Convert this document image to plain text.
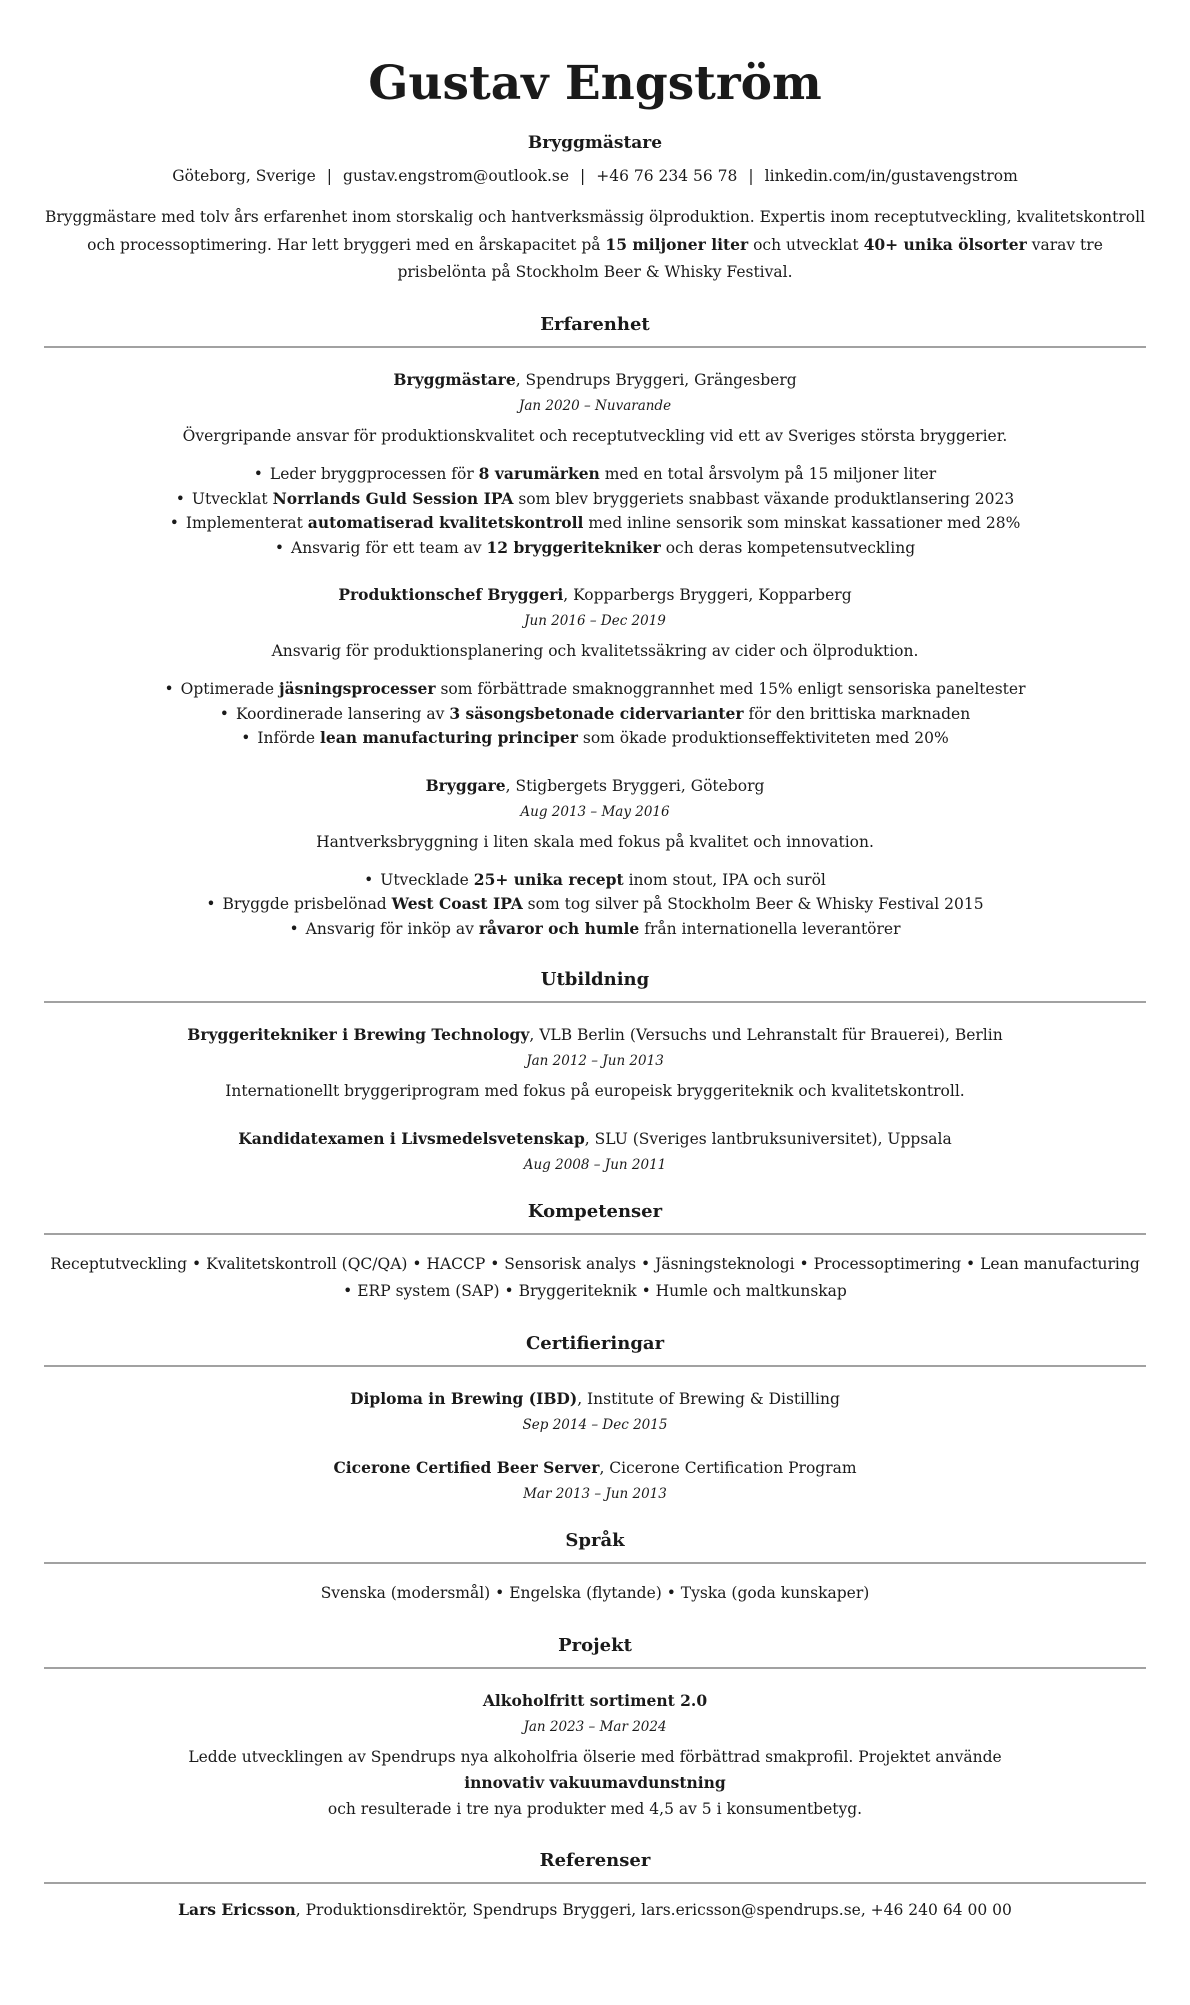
Gustav Engström
Bryggmästare
Göteborg, Sverige | gustav.engstrom@outlook.se | +46 76 234 56 78 | linkedin.com/in/gustavengstrom

Bryggmästare med tolv års erfarenhet inom storskalig och hantverksmässig ölproduktion. Expertis inom receptutveckling, kvalitetskontroll och processoptimering. Har lett bryggeri med en årskapacitet på 15 miljoner liter och utvecklat 40+ unika ölsorter varav tre prisbelönta på Stockholm Beer & Whisky Festival.

Erfarenhet
Bryggmästare, Spendrups Bryggeri, Grängesberg
Jan 2020 – Nuvarande
Övergripande ansvar för produktionskvalitet och receptutveckling vid ett av Sveriges största bryggerier.
• Leder bryggprocessen för 8 varumärken med en total årsvolym på 15 miljoner liter
• Utvecklat Norrlands Guld Session IPA som blev bryggeriets snabbast växande produktlansering 2023
• Implementerat automatiserad kvalitetskontroll med inline sensorik som minskat kassationer med 28%
• Ansvarig för ett team av 12 bryggeritekniker och deras kompetensutveckling
Produktionschef Bryggeri, Kopparbergs Bryggeri, Kopparberg
Jun 2016 – Dec 2019
Ansvarig för produktionsplanering och kvalitetssäkring av cider och ölproduktion.
• Optimerade jäsningsprocesser som förbättrade smaknoggrannhet med 15% enligt sensoriska paneltester
• Koordinerade lansering av 3 säsongsbetonade cidervarianter för den brittiska marknaden
• Införde lean manufacturing principer som ökade produktionseffektiviteten med 20%
Bryggare, Stigbergets Bryggeri, Göteborg
Aug 2013 – May 2016
Hantverksbryggning i liten skala med fokus på kvalitet och innovation.
• Utvecklade 25+ unika recept inom stout, IPA och suröl
• Bryggde prisbelönad West Coast IPA som tog silver på Stockholm Beer & Whisky Festival 2015
• Ansvarig för inköp av råvaror och humle från internationella leverantörer
Utbildning
Bryggeritekniker i Brewing Technology, VLB Berlin (Versuchs und Lehranstalt für Brauerei), Berlin
Jan 2012 – Jun 2013
Internationellt bryggeriprogram med fokus på europeisk bryggeriteknik och kvalitetskontroll.
Kandidatexamen i Livsmedelsvetenskap, SLU (Sveriges lantbruksuniversitet), Uppsala
Aug 2008 – Jun 2011
Kompetenser

Receptutveckling • Kvalitetskontroll (QC/QA) • HACCP • Sensorisk analys • Jäsningsteknologi • Processoptimering • Lean manufacturing • ERP system (SAP) • Bryggeriteknik • Humle och maltkunskap

Certifieringar
Diploma in Brewing (IBD), Institute of Brewing & Distilling
Sep 2014 – Dec 2015
Cicerone Certified Beer Server, Cicerone Certification Program
Mar 2013 – Jun 2013
Språk

Svenska (modersmål) • Engelska (flytande) • Tyska (goda kunskaper)

Projekt
Alkoholfritt sortiment 2.0
Jan 2023 – Mar 2024
Ledde utvecklingen av Spendrups nya alkoholfria ölserie med förbättrad smakprofil. Projektet använde
innovativ vakuumavdunstning
och resulterade i tre nya produkter med 4,5 av 5 i konsumentbetyg.
Referenser

Lars Ericsson, Produktionsdirektör, Spendrups Bryggeri, lars.ericsson@spendrups.se, +46 240 64 00 00
